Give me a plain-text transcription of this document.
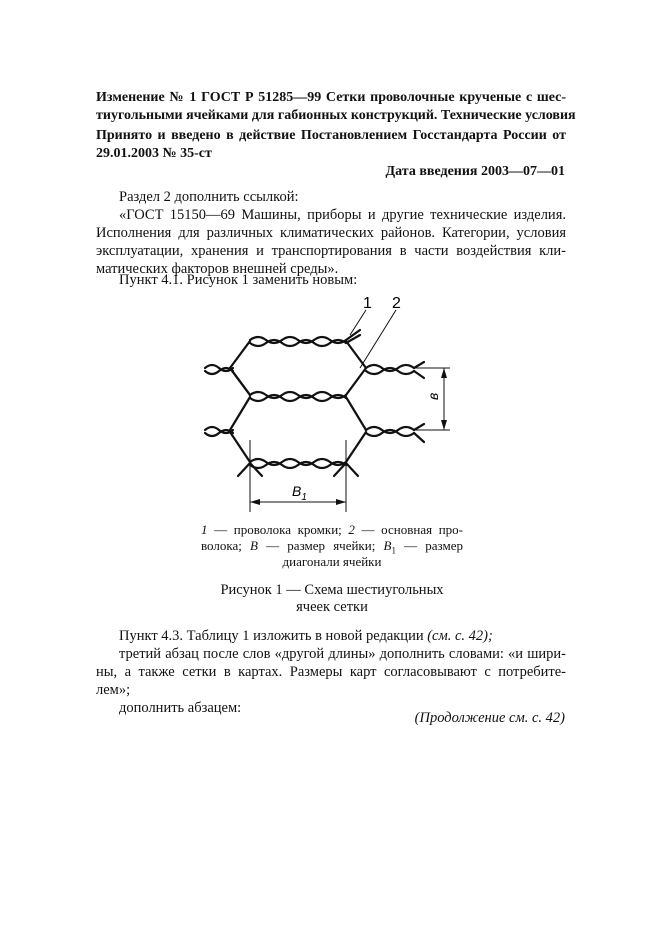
Изменение № 1 ГОСТ Р 51285—99 Сетки проволочные крученые с шес-
тиугольными ячейками для габионных конструкций. Технические условия
Принято и введено в действие Постановлением Госстандарта России от
29.01.2003 № 35-ст
Дата введения 2003—07—01
Раздел 2 дополнить ссылкой:
«ГОСТ 15150—69 Машины, приборы и другие технические изделия.
Исполнения для различных климатических районов. Категории, условия
эксплуатации, хранения и транспортирования в части воздействия кли-
матических факторов внешней среды».
Пункт 4.1. Рисунок 1 заменить новым:
1 2
в
$B_1$
1 — проволока кромки; 2 — основная про-
волока; В — размер ячейки; $B_1$ — размер
диагонали ячейки
Рисунок 1 — Схема шестиугольных
ячеек сетки
Пункт 4.3. Таблицу 1 изложить в новой редакции (см. с. 42);
третий абзац после слов «другой длины» дополнить словами: «и шири-
ны, а также сетки в картах. Размеры карт согласовывают с потребите-
лем»;
дополнить абзацем:
(Продолжение см. с. 42)
